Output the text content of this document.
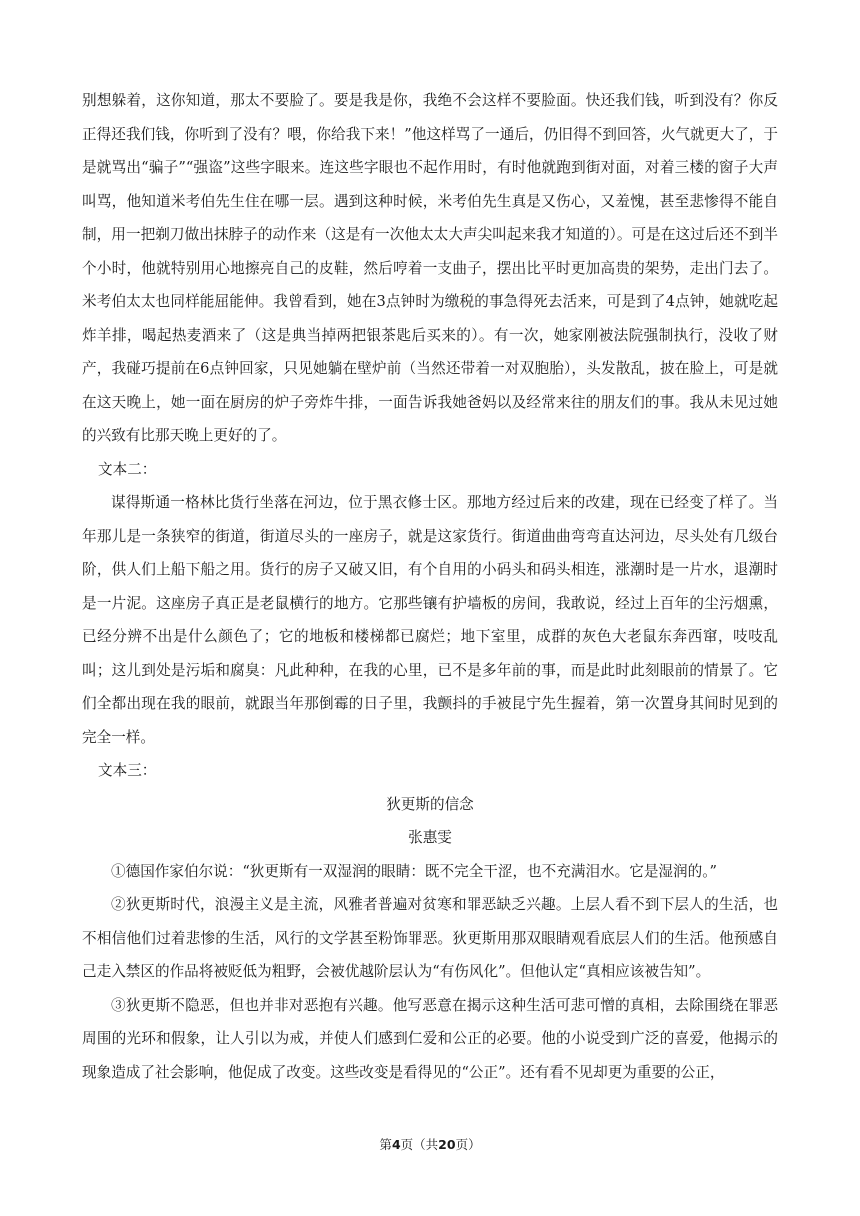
别想躲着，这你知道，那太不要脸了。要是我是你，我绝不会这样不要脸面。快还我们钱，听到没有？你反正得还我们钱，你听到了没有？喂，你给我下来！”他这样骂了一通后，仍旧得不到回答，火气就更大了，于是就骂出“骗子”“强盗”这些字眼来。连这些字眼也不起作用时，有时他就跑到街对面，对着三楼的窗子大声叫骂，他知道米考伯先生住在哪一层。遇到这种时候，米考伯先生真是又伤心，又羞愧，甚至悲惨得不能自制，用一把剃刀做出抹脖子的动作来（这是有一次他太太大声尖叫起来我才知道的）。可是在这过后还不到半个小时，他就特别用心地擦亮自己的皮鞋，然后哼着一支曲子，摆出比平时更加高贵的架势，走出门去了。米考伯太太也同样能屈能伸。我曾看到，她在3点钟时为缴税的事急得死去活来，可是到了4点钟，她就吃起炸羊排，喝起热麦酒来了（这是典当掉两把银茶匙后买来的）。有一次，她家刚被法院强制执行，没收了财产，我碰巧提前在6点钟回家，只见她躺在壁炉前（当然还带着一对双胞胎），头发散乱，披在脸上，可是就在这天晚上，她一面在厨房的炉子旁炸牛排，一面告诉我她爸妈以及经常来往的朋友们的事。我从未见过她的兴致有比那天晚上更好的了。

文本二：

谋得斯通一格林比货行坐落在河边，位于黑衣修士区。那地方经过后来的改建，现在已经变了样了。当年那儿是一条狭窄的街道，街道尽头的一座房子，就是这家货行。街道曲曲弯弯直达河边，尽头处有几级台阶，供人们上船下船之用。货行的房子又破又旧，有个自用的小码头和码头相连，涨潮时是一片水，退潮时是一片泥。这座房子真正是老鼠横行的地方。它那些镶有护墙板的房间，我敢说，经过上百年的尘污烟熏，已经分辨不出是什么颜色了；它的地板和楼梯都已腐烂；地下室里，成群的灰色大老鼠东奔西窜，吱吱乱叫；这儿到处是污垢和腐臭：凡此种种，在我的心里，已不是多年前的事，而是此时此刻眼前的情景了。它们全都出现在我的眼前，就跟当年那倒霉的日子里，我颤抖的手被昆宁先生握着，第一次置身其间时见到的完全一样。

文本三：

狄更斯的信念

张惠雯

①德国作家伯尔说：“狄更斯有一双湿润的眼睛：既不完全干涩，也不充满泪水。它是湿润的。”

②狄更斯时代，浪漫主义是主流，风雅者普遍对贫寒和罪恶缺乏兴趣。上层人看不到下层人的生活，也不相信他们过着悲惨的生活，风行的文学甚至粉饰罪恶。狄更斯用那双眼睛观看底层人们的生活。他预感自己走入禁区的作品将被贬低为粗野，会被优越阶层认为“有伤风化”。但他认定“真相应该被告知”。

③狄更斯不隐恶，但也并非对恶抱有兴趣。他写恶意在揭示这种生活可悲可憎的真相，去除围绕在罪恶周围的光环和假象，让人引以为戒，并使人们感到仁爱和公正的必要。他的小说受到广泛的喜爱，他揭示的现象造成了社会影响，他促成了改变。这些改变是看得见的“公正”。还有看不见却更为重要的公正，

第4页（共20页）
